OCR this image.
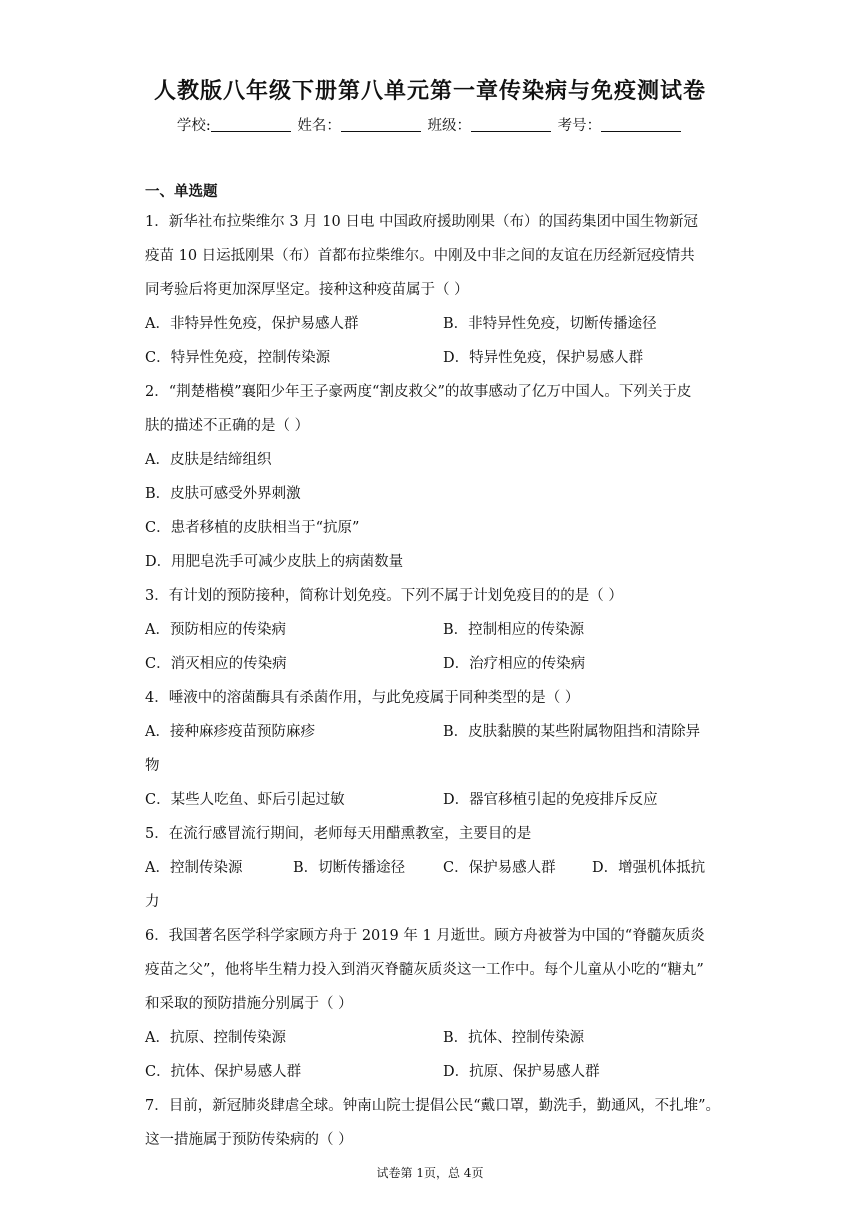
人教版八年级下册第八单元第一章传染病与免疫测试卷
学校:	姓名：	班级：	考号：
一、单选题
1．新华社布拉柴维尔 3 月 10 日电 中国政府援助刚果（布）的国药集团中国生物新冠
疫苗 10 日运抵刚果（布）首都布拉柴维尔。中刚及中非之间的友谊在历经新冠疫情共
同考验后将更加深厚坚定。接种这种疫苗属于（ ）
A．非特异性免疫，保护易感人群	B．非特异性免疫，切断传播途径
C．特异性免疫，控制传染源	D．特异性免疫，保护易感人群
2．“荆楚楷模”襄阳少年王子豪两度“割皮救父”的故事感动了亿万中国人。下列关于皮
肤的描述不正确的是（ ）
A．皮肤是结缔组织
B．皮肤可感受外界刺激
C．患者移植的皮肤相当于“抗原”
D．用肥皂洗手可减少皮肤上的病菌数量
3．有计划的预防接种，简称计划免疫。下列不属于计划免疫目的的是（ ）
A．预防相应的传染病	B．控制相应的传染源
C．消灭相应的传染病	D．治疗相应的传染病
4．唾液中的溶菌酶具有杀菌作用，与此免疫属于同种类型的是（ ）
A．接种麻疹疫苗预防麻疹	B．皮肤黏膜的某些附属物阻挡和清除异
物
C．某些人吃鱼、虾后引起过敏	D．器官移植引起的免疫排斥反应
5．在流行感冒流行期间，老师每天用醋熏教室，主要目的是
A．控制传染源	B．切断传播途径	C．保护易感人群	D．增强机体抵抗
力
6．我国著名医学科学家顾方舟于 2019 年 1 月逝世。顾方舟被誉为中国的“脊髓灰质炎
疫苗之父”，他将毕生精力投入到消灭脊髓灰质炎这一工作中。每个儿童从小吃的“糖丸”
和采取的预防措施分别属于（ ）
A．抗原、控制传染源	B．抗体、控制传染源
C．抗体、保护易感人群	D．抗原、保护易感人群
7．目前，新冠肺炎肆虐全球。钟南山院士提倡公民“戴口罩，勤洗手，勤通风，不扎堆”。
这一措施属于预防传染病的（ ）
试卷第 1页，总 4页
